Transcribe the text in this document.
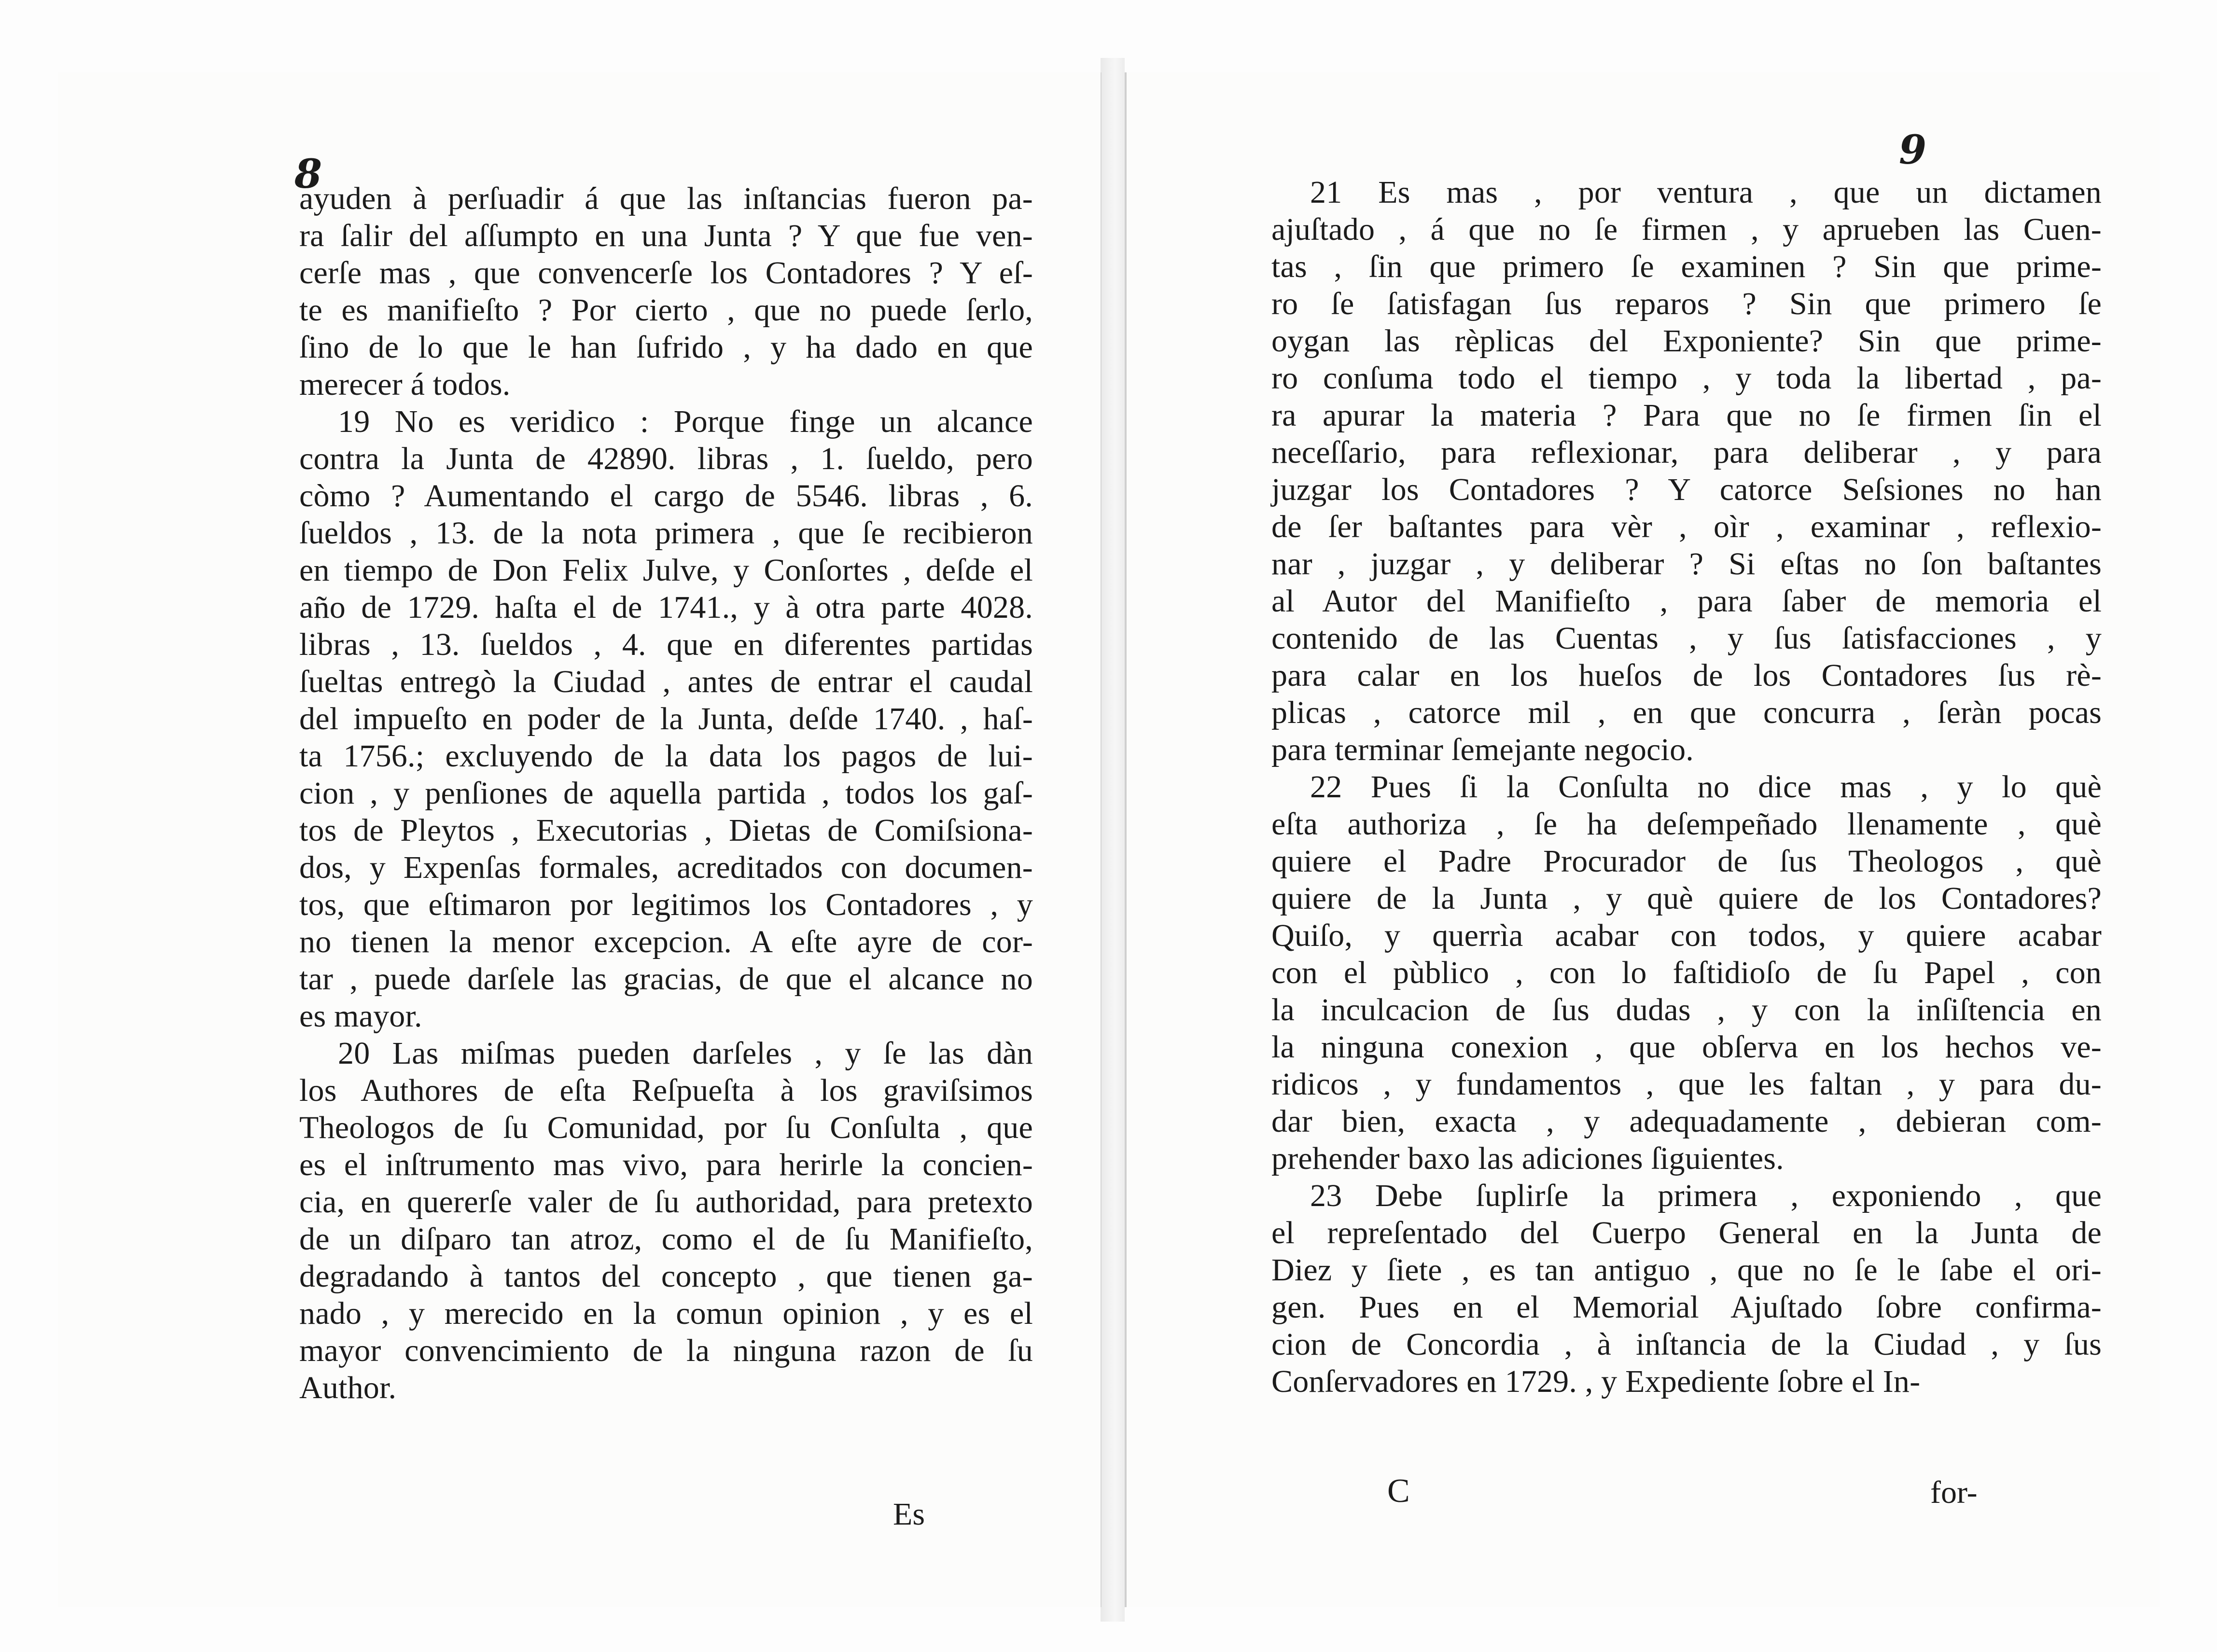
8
ayuden à perſuadir á que las inſtancias fueron pa-
ra ſalir del aſſumpto en una Junta ? Y que fue ven-
cerſe mas , que convencerſe los Contadores ? Y eſ-
te es manifieſto ? Por cierto , que no puede ſerlo,
ſino de lo que le han ſufrido , y ha dado en que
merecer á todos.
19 No es veridico : Porque finge un alcance
contra la Junta de 42890. libras , 1. ſueldo, pero
còmo ? Aumentando el cargo de 5546. libras , 6.
ſueldos , 13. de la nota primera , que ſe recibieron
en tiempo de Don Felix Julve, y Conſortes , deſde el
año de 1729. haſta el de 1741., y à otra parte 4028.
libras , 13. ſueldos , 4. que en diferentes partidas
ſueltas entregò la Ciudad , antes de entrar el caudal
del impueſto en poder de la Junta, deſde 1740. , haſ-
ta 1756.; excluyendo de la data los pagos de lui-
cion , y penſiones de aquella partida , todos los gaſ-
tos de Pleytos , Executorias , Dietas de Comiſsiona-
dos, y Expenſas formales, acreditados con documen-
tos, que eſtimaron por legitimos los Contadores , y
no tienen la menor excepcion. A eſte ayre de cor-
tar , puede darſele las gracias, de que el alcance no
es mayor.
20 Las miſmas pueden darſeles , y ſe las dàn
los Authores de eſta Reſpueſta à los graviſsimos
Theologos de ſu Comunidad, por ſu Conſulta , que
es el inſtrumento mas vivo, para herirle la concien-
cia, en quererſe valer de ſu authoridad, para pretexto
de un diſparo tan atroz, como el de ſu Manifieſto,
degradando à tantos del concepto , que tienen ga-
nado , y merecido en la comun opinion , y es el
mayor convencimiento de la ninguna razon de ſu
Author.
Es
9
21 Es mas , por ventura , que un dictamen
ajuſtado , á que no ſe firmen , y aprueben las Cuen-
tas , ſin que primero ſe examinen ? Sin que prime-
ro ſe ſatisfagan ſus reparos ? Sin que primero ſe
oygan las rèplicas del Exponiente? Sin que prime-
ro conſuma todo el tiempo , y toda la libertad , pa-
ra apurar la materia ? Para que no ſe firmen ſin el
neceſſario, para reflexionar, para deliberar , y para
juzgar los Contadores ? Y catorce Seſsiones no han
de ſer baſtantes para vèr , oìr , examinar , reflexio-
nar , juzgar , y deliberar ? Si eſtas no ſon baſtantes
al Autor del Manifieſto , para ſaber de memoria el
contenido de las Cuentas , y ſus ſatisfacciones , y
para calar en los hueſos de los Contadores ſus rè-
plicas , catorce mil , en que concurra , ſeràn pocas
para terminar ſemejante negocio.
22 Pues ſi la Conſulta no dice mas , y lo què
eſta authoriza , ſe ha deſempeñado llenamente , què
quiere el Padre Procurador de ſus Theologos , què
quiere de la Junta , y què quiere de los Contadores?
Quiſo, y querrìa acabar con todos, y quiere acabar
con el pùblico , con lo faſtidioſo de ſu Papel , con
la inculcacion de ſus dudas , y con la inſiſtencia en
la ninguna conexion , que obſerva en los hechos ve-
ridicos , y fundamentos , que les faltan , y para du-
dar bien, exacta , y adequadamente , debieran com-
prehender baxo las adiciones ſiguientes.
23 Debe ſuplirſe la primera , exponiendo , que
el repreſentado del Cuerpo General en la Junta de
Diez y ſiete , es tan antiguo , que no ſe le ſabe el ori-
gen. Pues en el Memorial Ajuſtado ſobre confirma-
cion de Concordia , à inſtancia de la Ciudad , y ſus
Conſervadores en 1729. , y Expediente ſobre el In-
C	for-
